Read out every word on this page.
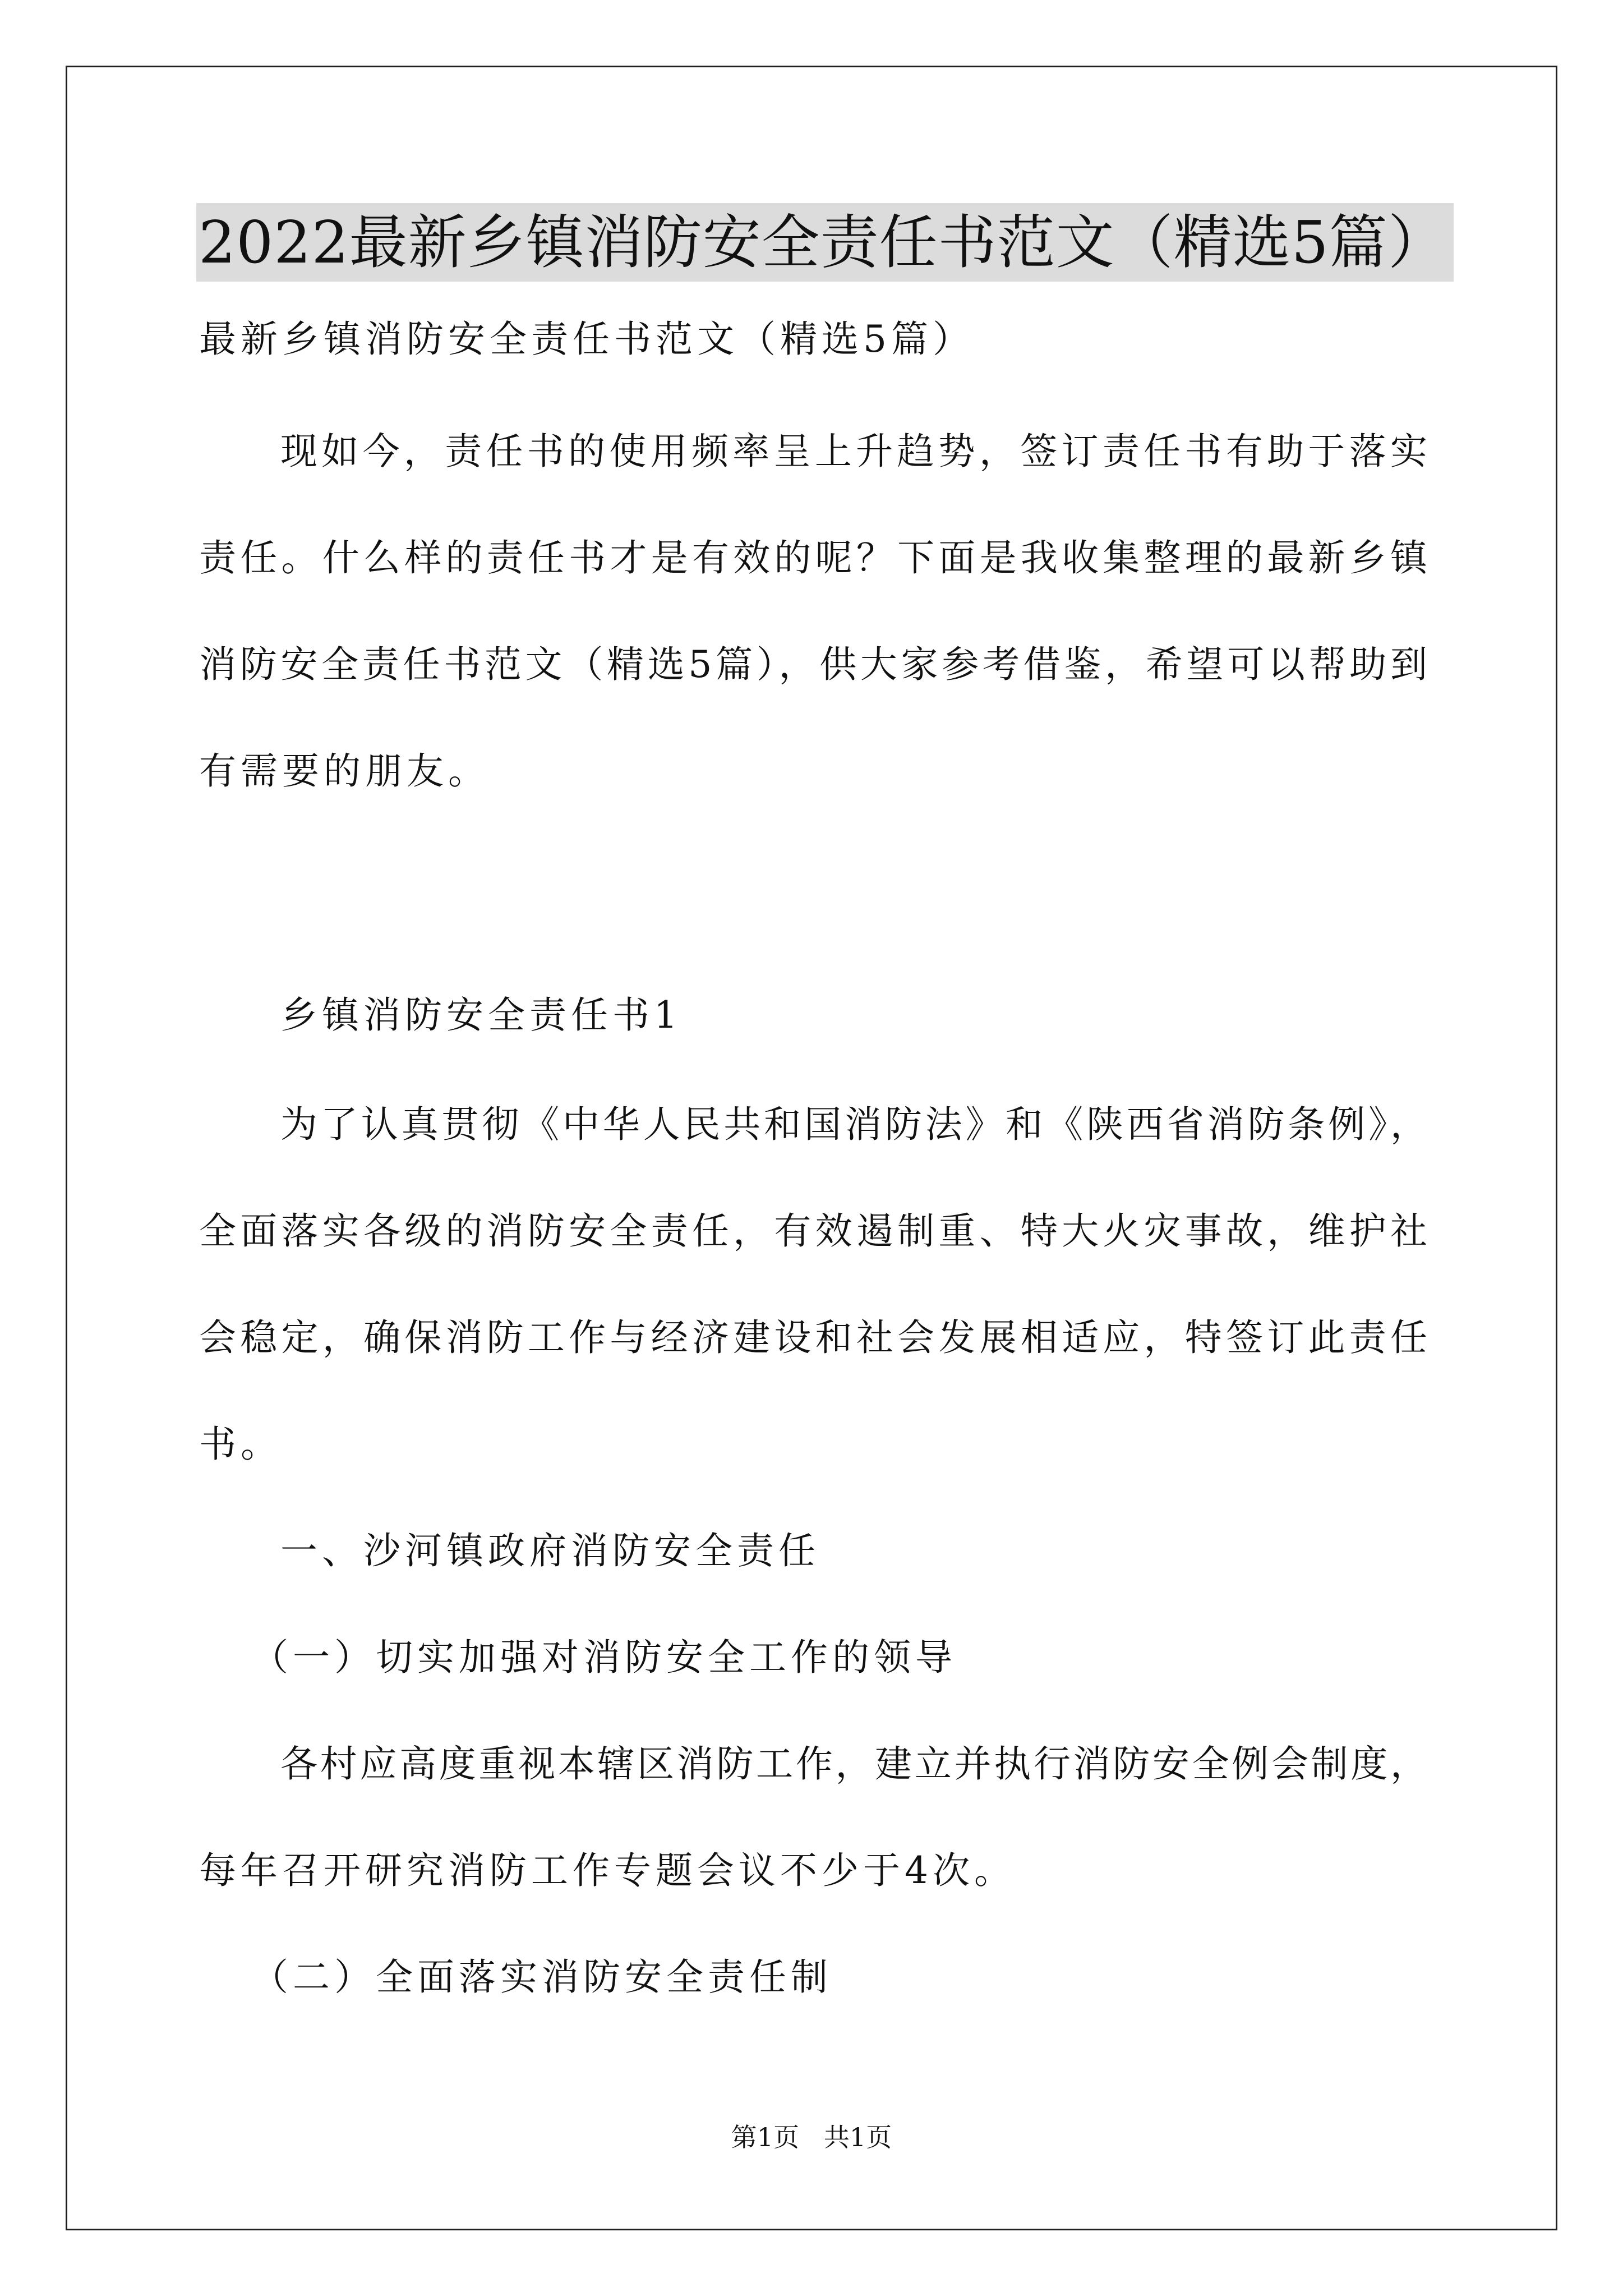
2022最新乡镇消防安全责任书范文（精选5篇）
最新乡镇消防安全责任书范文（精选5篇）
现如今，责任书的使用频率呈上升趋势，签订责任书有助于落实
责任。什么样的责任书才是有效的呢？下面是我收集整理的最新乡镇
消防安全责任书范文（精选5篇），供大家参考借鉴，希望可以帮助到
有需要的朋友。
乡镇消防安全责任书1
为了认真贯彻《中华人民共和国消防法》和《陕西省消防条例》，
全面落实各级的消防安全责任，有效遏制重、特大火灾事故，维护社
会稳定，确保消防工作与经济建设和社会发展相适应，特签订此责任
书。
一、沙河镇政府消防安全责任
（一）切实加强对消防安全工作的领导
各村应高度重视本辖区消防工作，建立并执行消防安全例会制度，
每年召开研究消防工作专题会议不少于4次。
（二）全面落实消防安全责任制
第1页   共1页
